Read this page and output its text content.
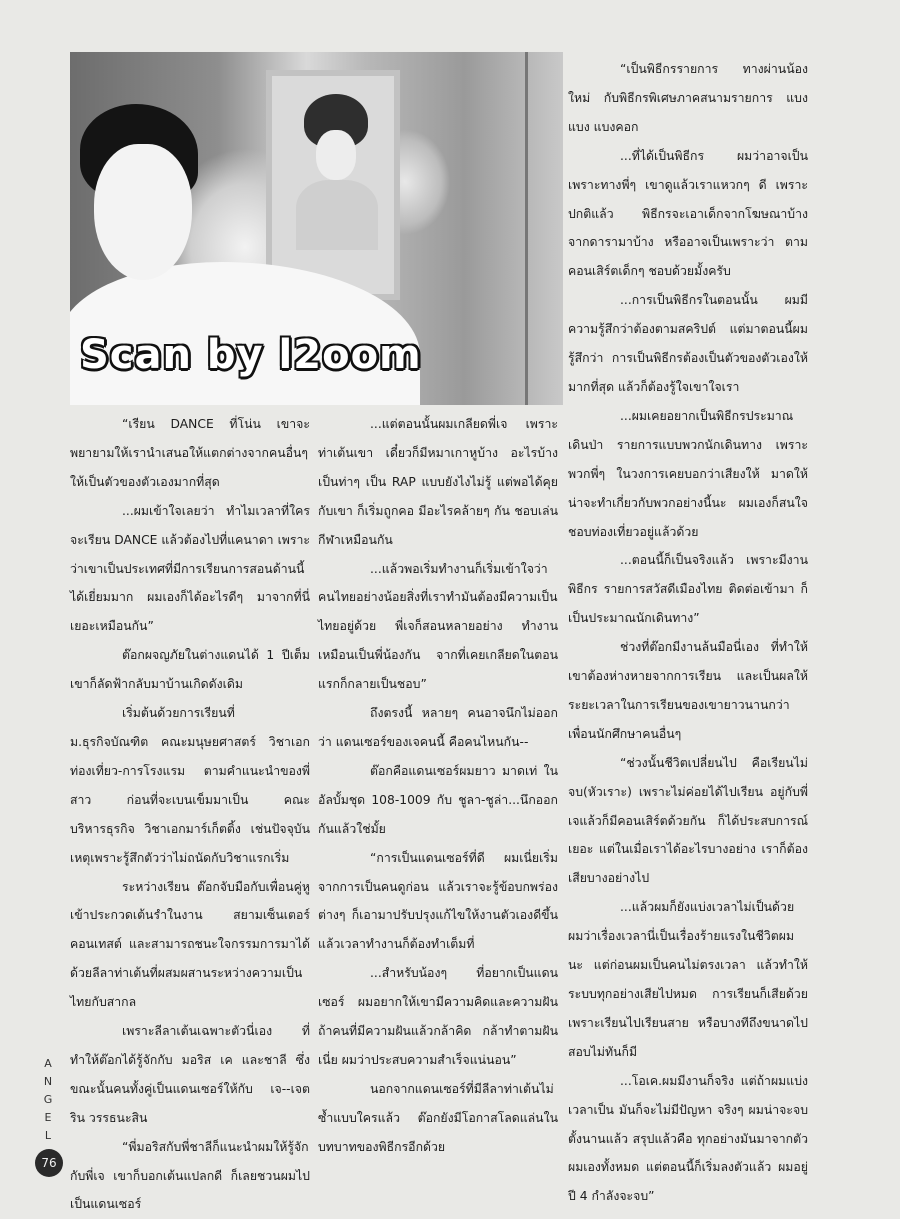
Scan by l2oom

“เรียน DANCE ที่โน่น เขาจะพยายามให้เรานำเสนอให้แตกต่างจากคนอื่นๆ ให้เป็นตัวของตัวเองมากที่สุด

...ผมเข้าใจเลยว่า ทำไมเวลาที่ใครจะเรียน DANCE แล้วต้องไปที่แคนาดา เพราะว่าเขาเป็นประเทศที่มีการเรียนการสอนด้านนี้ได้เยี่ยมมาก ผมเองก็ได้อะไรดีๆ มาจากที่นี่เยอะเหมือนกัน”

ต๊อกผจญภัยในต่างแดนได้ 1 ปีเต็ม เขาก็ลัดฟ้ากลับมาบ้านเกิดดังเดิม

เริ่มต้นด้วยการเรียนที่ ม.ธุรกิจบัณฑิต คณะมนุษยศาสตร์ วิชาเอกท่องเที่ยว-การโรงแรม ตามคำแนะนำของพี่สาว ก่อนที่จะเบนเข็มมาเป็น คณะบริหารธุรกิจ วิชาเอกมาร์เก็ตติ้ง เช่นปัจจุบัน เหตุเพราะรู้สึกตัวว่าไม่ถนัดกับวิชาแรกเริ่ม

ระหว่างเรียน ต๊อกจับมือกับเพื่อนคู่หูเข้าประกวดเต้นรำในงาน สยามเซ็นเตอร์ คอนเทสต์ และสามารถชนะใจกรรมการมาได้ ด้วยลีลาท่าเต้นที่ผสมผสานระหว่างความเป็นไทยกับสากล

เพราะลีลาเต้นเฉพาะตัวนี่เอง ที่ทำให้ต๊อกได้รู้จักกับ มอริส เค และชาลี ซึ่งขณะนั้นคนทั้งคู่เป็นแดนเซอร์ให้กับ เจ--เจตริน วรรธนะสิน

“พี่มอริสกับพี่ชาลีก็แนะนำผมให้รู้จักกับพี่เจ เขาก็บอกเต้นแปลกดี ก็เลยชวนผมไปเป็นแดนเซอร์

...แต่ตอนนั้นผมเกลียดพี่เจ เพราะท่าเต้นเขา เดี๋ยวก็มีหมาเกาหูบ้าง อะไรบ้าง เป็นท่าๆ เป็น RAP แบบยังไงไม่รู้ แต่พอได้คุยกับเขา ก็เริ่มถูกคอ มีอะไรคล้ายๆ กัน ชอบเล่นกีฬาเหมือนกัน

...แล้วพอเริ่มทำงานก็เริ่มเข้าใจว่า คนไทยอย่างน้อยสิ่งที่เราทำมันต้องมีความเป็นไทยอยู่ด้วย พี่เจก็สอนหลายอย่าง ทำงานเหมือนเป็นพี่น้องกัน จากที่เคยเกลียดในตอนแรกก็กลายเป็นชอบ”

ถึงตรงนี้ หลายๆ คนอาจนึกไม่ออกว่า แดนเซอร์ของเจคนนี้ คือคนไหนกัน--

ต๊อกคือแดนเซอร์ผมยาว มาดเท่ ในอัลบั้มชุด 108-1009 กับ ชูลา-ชูล่า...นึกออกกันแล้วใช่มั้ย

“การเป็นแดนเซอร์ที่ดี ผมเนี่ยเริ่มจากการเป็นคนดูก่อน แล้วเราจะรู้ข้อบกพร่องต่างๆ ก็เอามาปรับปรุงแก้ไขให้งานตัวเองดีขึ้น แล้วเวลาทำงานก็ต้องทำเต็มที่

...สำหรับน้องๆ ที่อยากเป็นแดนเซอร์ ผมอยากให้เขามีความคิดและความฝัน ถ้าคนที่มีความฝันแล้วกล้าคิด กล้าทำตามฝันเนี่ย ผมว่าประสบความสำเร็จแน่นอน”

นอกจากแดนเซอร์ที่มีลีลาท่าเต้นไม่ซ้ำแบบใครแล้ว ต๊อกยังมีโอกาสโลดแล่นในบทบาทของพิธีกรอีกด้วย

“เป็นพิธีกรรายการ ทางผ่านน้องใหม่ กับพิธีกรพิเศษภาคสนามรายการ แบง แบง แบงคอก

...ที่ได้เป็นพิธีกร ผมว่าอาจเป็นเพราะทางพี่ๆ เขาดูแล้วเราแหวกๆ ดี เพราะปกติแล้ว พิธีกรจะเอาเด็กจากโฆษณาบ้าง จากดารามาบ้าง หรืออาจเป็นเพราะว่า ตามคอนเสิร์ตเด็กๆ ชอบด้วยมั้งครับ

...การเป็นพิธีกรในตอนนั้น ผมมีความรู้สึกว่าต้องตามสคริปต์ แต่มาตอนนี้ผมรู้สึกว่า การเป็นพิธีกรต้องเป็นตัวของตัวเองให้มากที่สุด แล้วก็ต้องรู้ใจเขาใจเรา

...ผมเคยอยากเป็นพิธีกรประมาณเดินป่า รายการแบบพวกนักเดินทาง เพราะพวกพี่ๆ ในวงการเคยบอกว่าเสียงให้ มาดให้ น่าจะทำเกี่ยวกับพวกอย่างนี้นะ ผมเองก็สนใจ ชอบท่องเที่ยวอยู่แล้วด้วย

...ตอนนี้ก็เป็นจริงแล้ว เพราะมีงานพิธีกร รายการสวัสดีเมืองไทย ติดต่อเข้ามา ก็เป็นประมาณนักเดินทาง”

ช่วงที่ต๊อกมีงานล้นมือนี่เอง ที่ทำให้เขาต้องห่างหายจากการเรียน และเป็นผลให้ระยะเวลาในการเรียนของเขายาวนานกว่าเพื่อนนักศึกษาคนอื่นๆ

“ช่วงนั้นชีวิตเปลี่ยนไป คือเรียนไม่จบ(หัวเราะ) เพราะไม่ค่อยได้ไปเรียน อยู่กับพี่เจแล้วก็มีคอนเสิร์ตด้วยกัน ก็ได้ประสบการณ์เยอะ แต่ในเมื่อเราได้อะไรบางอย่าง เราก็ต้องเสียบางอย่างไป

...แล้วผมก็ยังแบ่งเวลาไม่เป็นด้วย ผมว่าเรื่องเวลานี่เป็นเรื่องร้ายแรงในชีวิตผมนะ แต่ก่อนผมเป็นคนไม่ตรงเวลา แล้วทำให้ระบบทุกอย่างเสียไปหมด การเรียนก็เสียด้วย เพราะเรียนไปเรียนสาย หรือบางทีถึงขนาดไปสอบไม่ทันก็มี

...โอเค.ผมมีงานก็จริง แต่ถ้าผมแบ่งเวลาเป็น มันก็จะไม่มีปัญหา จริงๆ ผมน่าจะจบตั้งนานแล้ว สรุปแล้วคือ ทุกอย่างมันมาจากตัวผมเองทั้งหมด แต่ตอนนี้ก็เริ่มลงตัวแล้ว ผมอยู่ปี 4 กำลังจะจบ”

A
N
G
E
L
76
